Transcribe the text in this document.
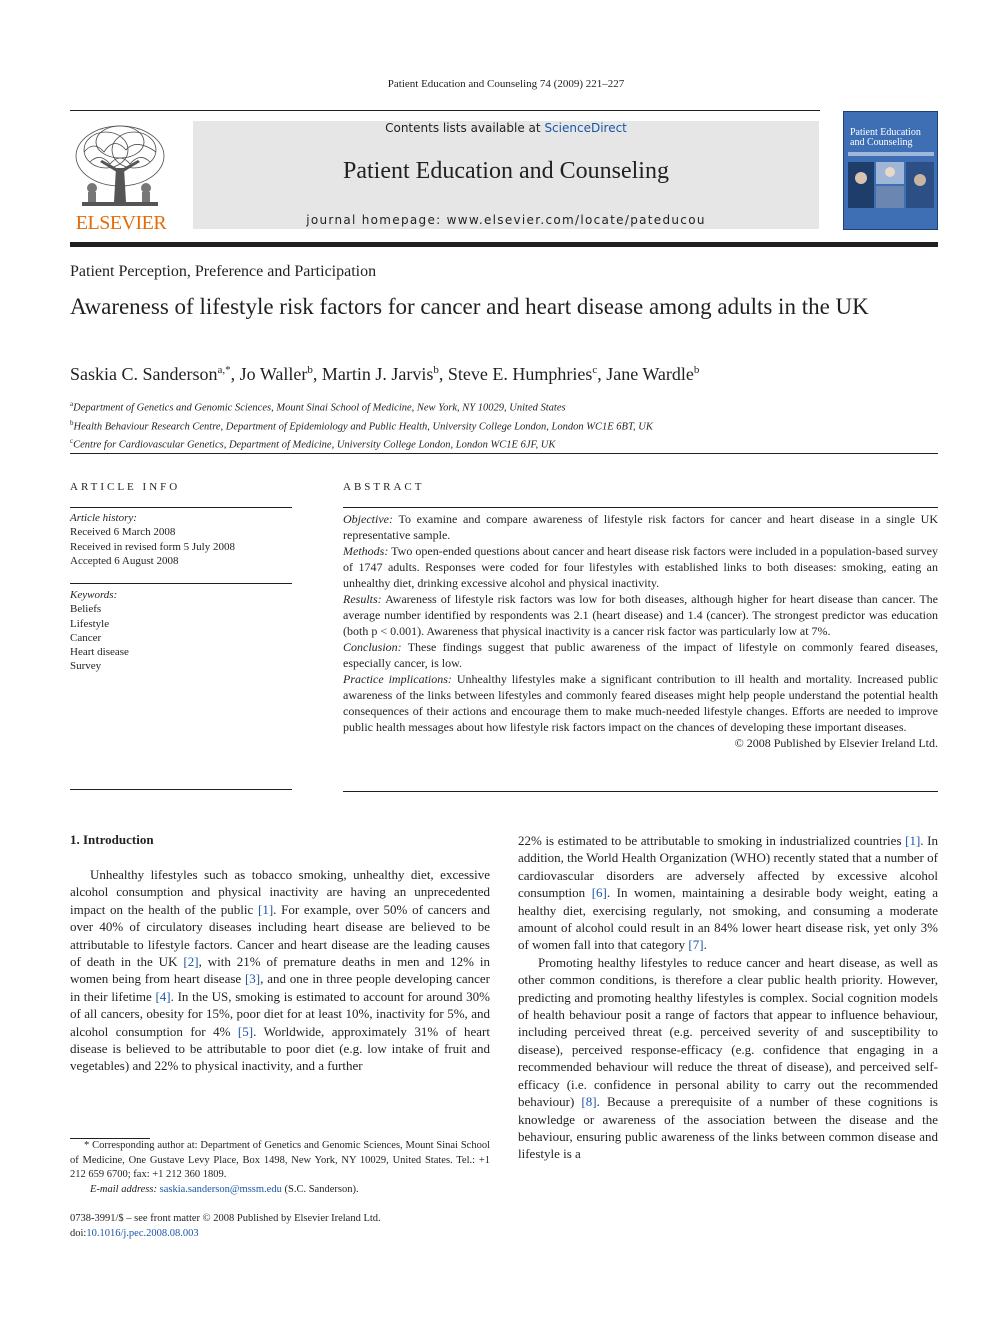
Patient Education and Counseling 74 (2009) 221–227
ELSEVIER
Contents lists available at ScienceDirect
Patient Education and Counseling
journal homepage: www.elsevier.com/locate/pateducou
Patient Education and Counseling
Patient Perception, Preference and Participation
Awareness of lifestyle risk factors for cancer and heart disease among adults in the UK
Saskia C. Sanderson$^{a,*}$, Jo Waller$^b$, Martin J. Jarvis$^b$, Steve E. Humphries$^c$, Jane Wardle$^b$
$^a$Department of Genetics and Genomic Sciences, Mount Sinai School of Medicine, New York, NY 10029, United States
$^b$Health Behaviour Research Centre, Department of Epidemiology and Public Health, University College London, London WC1E 6BT, UK
$^c$Centre for Cardiovascular Genetics, Department of Medicine, University College London, London WC1E 6JF, UK
ARTICLE INFO
Article history:
Received 6 March 2008
Received in revised form 5 July 2008
Accepted 6 August 2008
Keywords:
Beliefs
Lifestyle
Cancer
Heart disease
Survey
ABSTRACT
Objective: To examine and compare awareness of lifestyle risk factors for cancer and heart disease in a single UK representative sample.
Methods: Two open-ended questions about cancer and heart disease risk factors were included in a population-based survey of 1747 adults. Responses were coded for four lifestyles with established links to both diseases: smoking, eating an unhealthy diet, drinking excessive alcohol and physical inactivity.
Results: Awareness of lifestyle risk factors was low for both diseases, although higher for heart disease than cancer. The average number identified by respondents was 2.1 (heart disease) and 1.4 (cancer). The strongest predictor was education (both p < 0.001). Awareness that physical inactivity is a cancer risk factor was particularly low at 7%.
Conclusion: These findings suggest that public awareness of the impact of lifestyle on commonly feared diseases, especially cancer, is low.
Practice implications: Unhealthy lifestyles make a significant contribution to ill health and mortality. Increased public awareness of the links between lifestyles and commonly feared diseases might help people understand the potential health consequences of their actions and encourage them to make much-needed lifestyle changes. Efforts are needed to improve public health messages about how lifestyle risk factors impact on the chances of developing these important diseases.
© 2008 Published by Elsevier Ireland Ltd.
1. Introduction

Unhealthy lifestyles such as tobacco smoking, unhealthy diet, excessive alcohol consumption and physical inactivity are having an unprecedented impact on the health of the public [1]. For example, over 50% of cancers and over 40% of circulatory diseases including heart disease are believed to be attributable to lifestyle factors. Cancer and heart disease are the leading causes of death in the UK [2], with 21% of premature deaths in men and 12% in women being from heart disease [3], and one in three people developing cancer in their lifetime [4]. In the US, smoking is estimated to account for around 30% of all cancers, obesity for 15%, poor diet for at least 10%, inactivity for 5%, and alcohol consumption for 4% [5]. Worldwide, approximately 31% of heart disease is believed to be attributable to poor diet (e.g. low intake of fruit and vegetables) and 22% to physical inactivity, and a further

22% is estimated to be attributable to smoking in industrialized countries [1]. In addition, the World Health Organization (WHO) recently stated that a number of cardiovascular disorders are adversely affected by excessive alcohol consumption [6]. In women, maintaining a desirable body weight, eating a healthy diet, exercising regularly, not smoking, and consuming a moderate amount of alcohol could result in an 84% lower heart disease risk, yet only 3% of women fall into that category [7].

Promoting healthy lifestyles to reduce cancer and heart disease, as well as other common conditions, is therefore a clear public health priority. However, predicting and promoting healthy lifestyles is complex. Social cognition models of health behaviour posit a range of factors that appear to influence behaviour, including perceived threat (e.g. perceived severity of and susceptibility to disease), perceived response-efficacy (e.g. confidence that engaging in a recommended behaviour will reduce the threat of disease), and perceived self-efficacy (i.e. confidence in personal ability to carry out the recommended behaviour) [8]. Because a prerequisite of a number of these cognitions is knowledge or awareness of the association between the disease and the behaviour, ensuring public awareness of the links between common disease and lifestyle is a

* Corresponding author at: Department of Genetics and Genomic Sciences, Mount Sinai School of Medicine, One Gustave Levy Place, Box 1498, New York, NY 10029, United States. Tel.: +1 212 659 6700; fax: +1 212 360 1809.
E-mail address: saskia.sanderson@mssm.edu (S.C. Sanderson).
0738-3991/$ – see front matter © 2008 Published by Elsevier Ireland Ltd.
doi:10.1016/j.pec.2008.08.003
